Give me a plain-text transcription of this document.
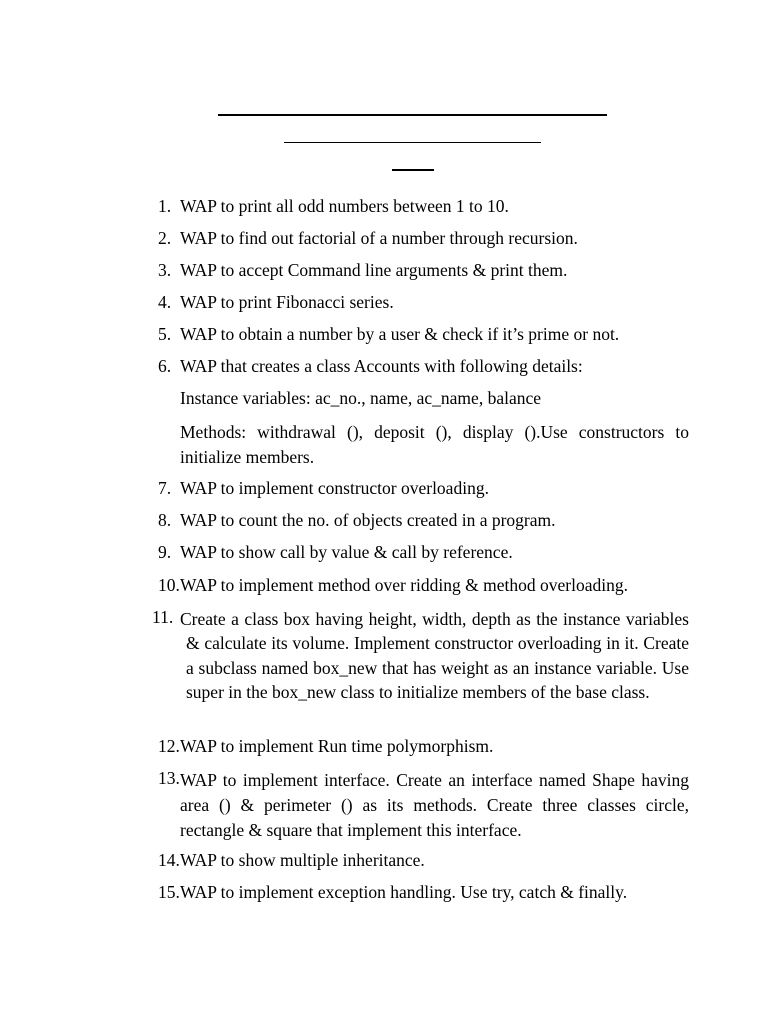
1. WAP to print all odd numbers between 1 to 10.
2. WAP to find out factorial of a number through recursion.
3. WAP to accept Command line arguments & print them.
4. WAP to print Fibonacci series.
5. WAP to obtain a number by a user & check if it’s prime or not.
6. WAP that creates a class Accounts with following details:
Instance variables: ac_no., name, ac_name, balance
Methods: withdrawal (), deposit (), display ().Use constructors to initialize members.
7. WAP to implement constructor overloading.
8. WAP to count the no. of objects created in a program.
9. WAP to show call by value & call by reference.
10. WAP to implement method over ridding & method overloading.
11. Create a class box having height, width, depth as the instance variables & calculate its volume. Implement constructor overloading in it. Create a subclass named box_new that has weight as an instance variable. Use super in the box_new class to initialize members of the base class.
12. WAP to implement Run time polymorphism.
13. WAP to implement interface. Create an interface named Shape having area () & perimeter () as its methods. Create three classes circle, rectangle & square that implement this interface.
14. WAP to show multiple inheritance.
15. WAP to implement exception handling. Use try, catch & finally.
